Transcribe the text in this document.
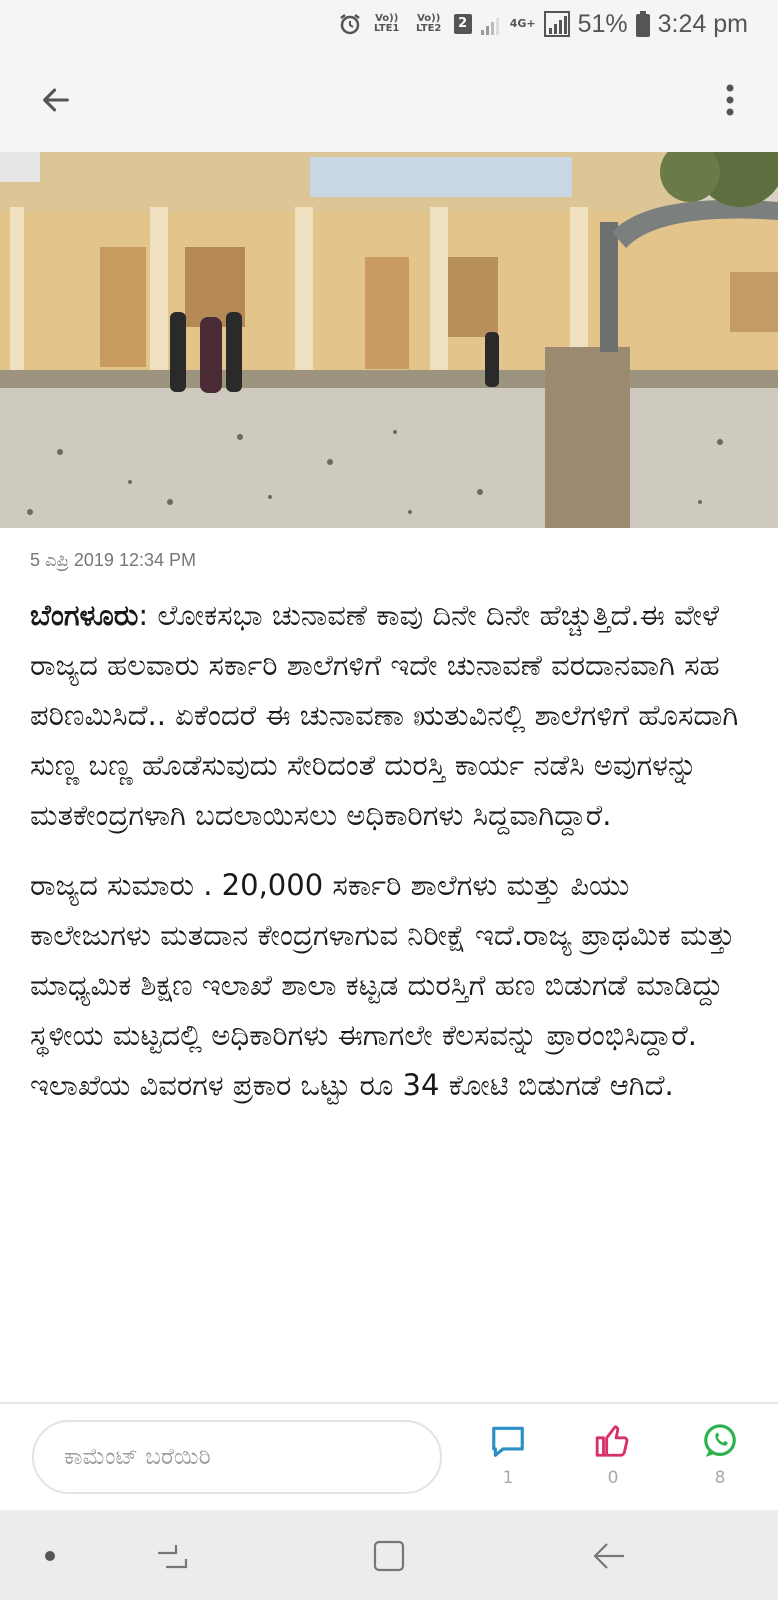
Vo)) LTE1
Vo)) LTE2	2	4G+ 51% 3:24 pm
5 ಎಪ್ರಿ 2019 12:34 PM

ಬೆಂಗಳೂರು: ಲೋಕಸಭಾ ಚುನಾವಣೆ ಕಾವು ದಿನೇ ದಿನೇ ಹೆಚ್ಚುತ್ತಿದೆ.ಈ ವೇಳೆ ರಾಜ್ಯದ ಹಲವಾರು ಸರ್ಕಾರಿ ಶಾಲೆಗಳಿಗೆ ಇದೇ ಚುನಾವಣೆ ವರದಾನವಾಗಿ ಸಹ ಪರಿಣಮಿಸಿದೆ.. ಏಕೆಂದರೆ ಈ ಚುನಾವಣಾ ಋತುವಿನಲ್ಲಿ ಶಾಲೆಗಳಿಗೆ ಹೊಸದಾಗಿ ಸುಣ್ಣ ಬಣ್ಣ ಹೊಡೆಸುವುದು ಸೇರಿದಂತೆ ದುರಸ್ತಿ ಕಾರ್ಯ ನಡೆಸಿ ಅವುಗಳನ್ನು ಮತಕೇಂದ್ರಗಳಾಗಿ ಬದಲಾಯಿಸಲು ಅಧಿಕಾರಿಗಳು ಸಿದ್ದವಾಗಿದ್ದಾರೆ.

ರಾಜ್ಯದ ಸುಮಾರು . 20,000 ಸರ್ಕಾರಿ ಶಾಲೆಗಳು ಮತ್ತು ಪಿಯು ಕಾಲೇಜುಗಳು ಮತದಾನ ಕೇಂದ್ರಗಳಾಗುವ ನಿರೀಕ್ಷೆ ಇದೆ.ರಾಜ್ಯ ಪ್ರಾಥಮಿಕ ಮತ್ತು ಮಾಧ್ಯಮಿಕ ಶಿಕ್ಷಣ ಇಲಾಖೆ ಶಾಲಾ ಕಟ್ಟಡ ದುರಸ್ತಿಗೆ ಹಣ ಬಿಡುಗಡೆ ಮಾಡಿದ್ದು ಸ್ಥಳೀಯ ಮಟ್ಟದಲ್ಲಿ ಅಧಿಕಾರಿಗಳು ಈಗಾಗಲೇ ಕೆಲಸವನ್ನು ಪ್ರಾರಂಭಿಸಿದ್ದಾರೆ. ಇಲಾಖೆಯ ವಿವರಗಳ ಪ್ರಕಾರ ಒಟ್ಟು ರೂ 34 ಕೋಟಿ ಬಿಡುಗಡೆ ಆಗಿದೆ.

ಕಾಮೆಂಟ್ ಬರೆಯಿರಿ
1	0	8
